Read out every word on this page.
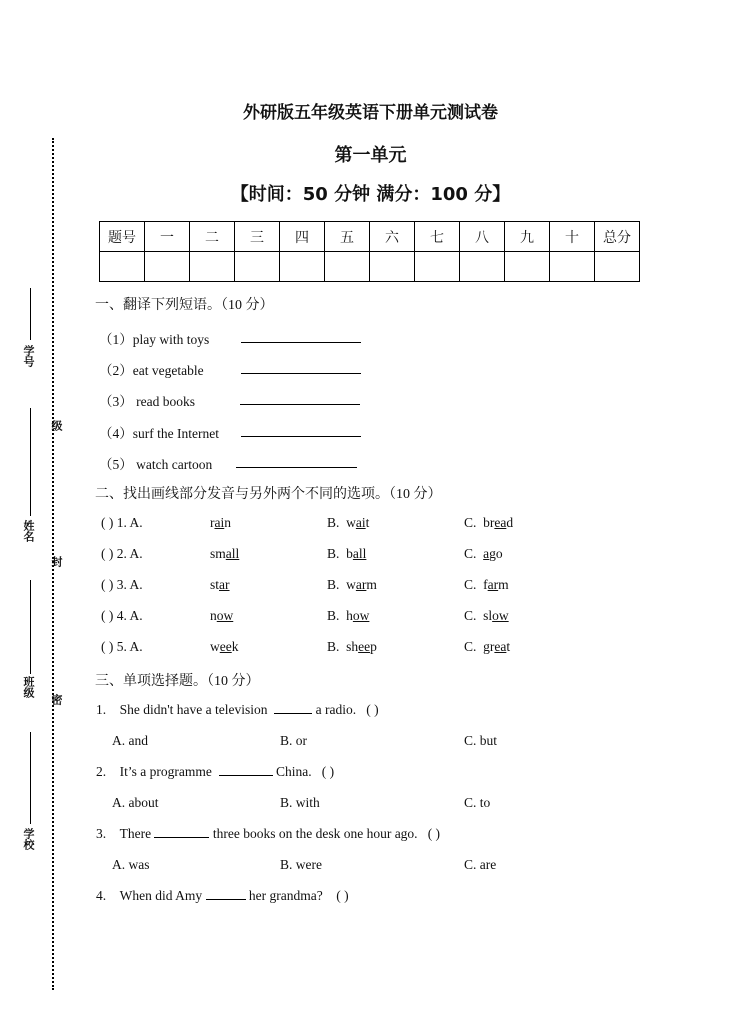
学号
级
姓名
封
班级
密
学校
外研版五年级英语下册单元测试卷
第一单元
【时间：50 分钟 满分：100 分】
题号	一	二	三	四	五	六	七	八	九	十	总分

一、翻译下列短语。（10 分）
（1）play with toys
（2）eat vegetable
（3） read books
（4）surf the Internet
（5） watch cartoon
二、找出画线部分发音与另外两个不同的选项。（10 分）
( ) 1. A.	rain	B. wait	C. bread
( ) 2. A.	small	B. ball	C. ago
( ) 3. A.	star	B. warm	C. farm
( ) 4. A.	now	B. how	C. slow
( ) 5. A.	week	B. sheep	C. great
三、单项选择题。（10 分）
1. She didn't have a television	a radio. ( )
A. and	B. or	C. but
2. It’s a programme	China. ( )
A. about	B. with	C. to
3. There	three books on the desk one hour ago. ( )
A. was	B. were	C. are
4. When did Amy	her grandma? ( )
